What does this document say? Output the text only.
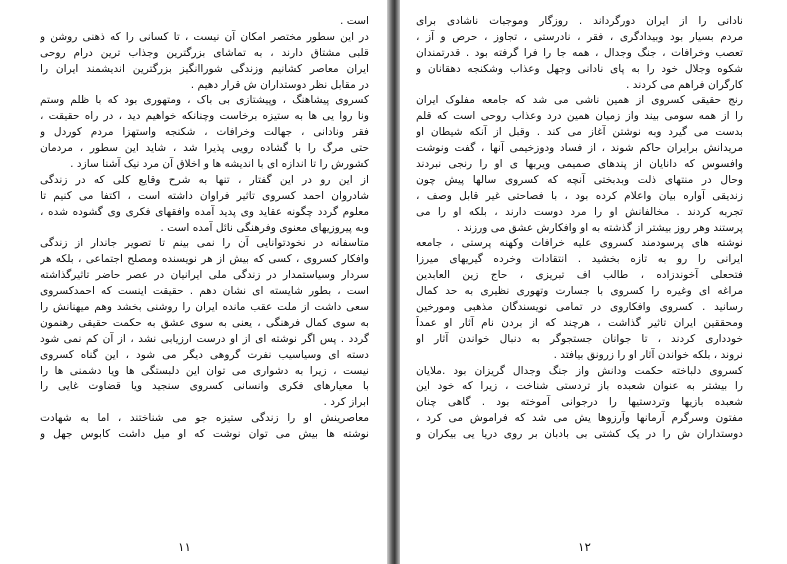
است .
در این سطور مختصر امکان آن نیست ، تا کسانی را که ذهنی روشن و
قلبی مشتاق دارند ، به تماشای بزرگترین وجذاب ترین درام روحی
ایران معاصر کشانیم وزندگی شوراانگیز بزرگترین اندیشمند ایران را
در مقابل نظر دوستداران ش قرار دهیم .
کسروی پیشاهنگ ، وپیشتازی بی باک ، ومتهوری بود که با ظلم وستم
ونا روا یی ها به ستیزه برخاست وچنانکه خواهیم دید ، در راه حقیقت ،
فقر ونادانی ، جهالت وخرافات ، شکنجه واستهزا مردم کوردل و
حتی مرگ را با گشاده رویی پذیرا شد ، شاید این سطور ، مردمان
کشورش را تا اندازه ای با اندیشه ها و اخلاق آن مرد نیک آشنا سازد .
از این رو در این گفتار ، تنها به شرح وقایع کلی که در زندگی
شادروان احمد کسروی تاثیر فراوان داشته است ، اکتفا می کنیم تا
معلوم گردد چگونه عقاید وی پدید آمده وافقهای فکری وی گشوده شده ،
وبه پیروزیهای معنوی وفرهنگی نائل آمده است .
متاسفانه در نخودتوانایی آن را نمی بینم تا تصویر جاندار از زندگی
وافکار کسروی ، کسی که بیش از هر نویسنده ومصلح اجتماعی ، بلکه هر
سردار وسیاستمدار در زندگی ملی ایرانیان در عصر حاضر تاثیرگذاشته
است ، بطور شایسته ای نشان دهم . حقیقت اینست که احمدکسروی
سعی داشت از ملت عقب مانده ایران را روشنی بخشد وهم میهنانش را
به سوی کمال فرهنگی ، یعنی به سوی عشق به حکمت حقیقی رهنمون
گردد . پس اگر نوشته ای از او درست ارزیابی نشد ، از آن کم نمی شود
دسته ای وسیاسیب نفرت گروهی دیگر می شود ، این گناه کسروی
نیست ، زیرا به دشواری می توان این دلبستگی ها ویا دشمنی ها را
با معیارهای فکری وانسانی کسروی سنجید ویا قضاوت غایی را
ابراز کرد .
معاصرینش او را زندگی ستیزه جو می شناختند ، اما به شهادت
نوشته ها بیش می توان نوشت که او میل داشت کابوس جهل و
۱۱
نادانی را از ایران دورگرداند . روزگار وموجبات ناشادی برای
مردم بسیار بود وبیدادگری ، فقر ، نادرستی ، تجاوز ، حرص و آز ،
تعصب وخرافات ، جنگ وجدال ، همه جا را فرا گرفته بود . قدرتمندان
شکوه وجلال خود را به پای نادانی وجهل وعذاب وشکنجه دهقانان و
کارگران فراهم می کردند .
رنج حقیقی کسروی از همین ناشی می شد که جامعه مفلوک ایران
را از همه سومی بیند واز زمیان همین درد وعذاب روحی است که قلم
بدست می گیرد وبه نوشتن آغاز می کند . وقبل از آنکه شیطان او
مریدانش برایران حاکم شوند ، از فساد ودوزخیمی آنها ، گفت ونوشت
وافسوس که دانایان از پندهای صمیمی ویربها ی او را رنجی نبردند
وحال در منتهای ذلت وبدبختی آنچه که کسروی سالها پیش چون
زندیقی آواره بیان واعلام کرده بود ، با فصاحتی غیر قابل وصف ،
تجربه کردند . مخالفانش او را مرد دوست دارند ، بلکه او را می
پرستند وهر روز بیشتر از گذشته به او وافکارش عشق می ورزند .
نوشته های پرسودمند کسروی علیه خرافات وکهنه پرستی ، جامعه
ایرانی را رو به تازه بخشید . انتقادات وخرده گیریهای میرزا
فتحعلی آخوندزاده ، طالب اف تبریزی ، حاج زین العابدین
مراغه ای وغیره را کسروی با جسارت وتهوری نظیری به حد کمال
رسانید . کسروی وافکاروی در تمامی نویسندگان مذهبی ومورخین
ومحققین ایران تاثیر گذاشت ، هرچند که از بردن نام آثار او عمداً
خودداری کردند ، تا جوانان جستجوگر به دنبال خواندن آثار او
نروند ، بلکه خواندن آثار او را زرونق بیافتد .
کسروی دلباخته حکمت ودانش واز جنگ وجدال گریزان بود .ملایان
را بیشتر به عنوان شعبده باز تردستی شناخت ، زیرا که خود این
شعبده بازیها وتردستیها را درجوانی آموخته بود . گاهی چنان
مفتون وسرگرم آرمانها وآرزوها یش می شد که فراموش می کرد ،
دوستداران ش را در یک کشتی بی بادبان بر روی دریا یی بیکران و
۱۲
